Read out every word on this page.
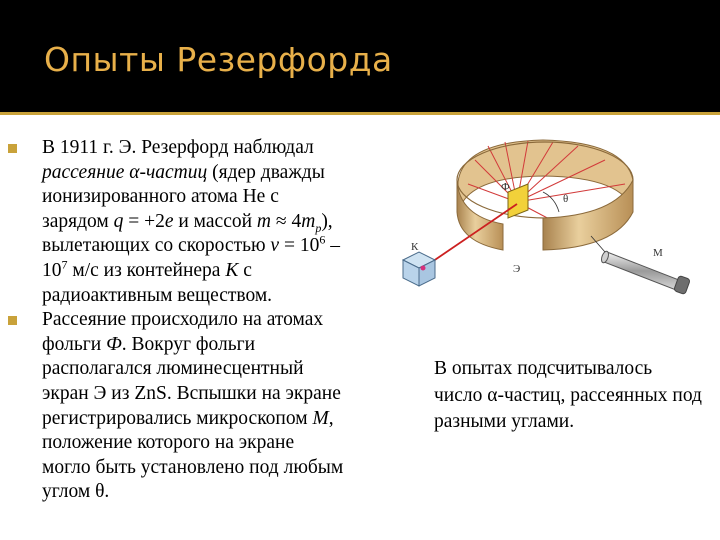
Опыты Резерфорда
В 1911 г. Э. Резерфорд наблюдал
рассеяние α-частиц (ядер дважды
ионизированного атома He с
зарядом q = +2e и массой $m \approx 4m_p$),
вылетающих со скоростью $v = 10^6$ –
$10^7$ м/с из контейнера K с
радиоактивным веществом.
Рассеяние происходило на атомах
фольги Ф. Вокруг фольги
располагался люминесцентный
экран Э из ZnS. Вспышки на экране
регистрировались микроскопом М,
положение которого на экране
могло быть установлено под любым
углом θ.
Ф
θ
К	М
Э

В опытах подсчитывалось число α-частиц, рассеянных под разными углами.
